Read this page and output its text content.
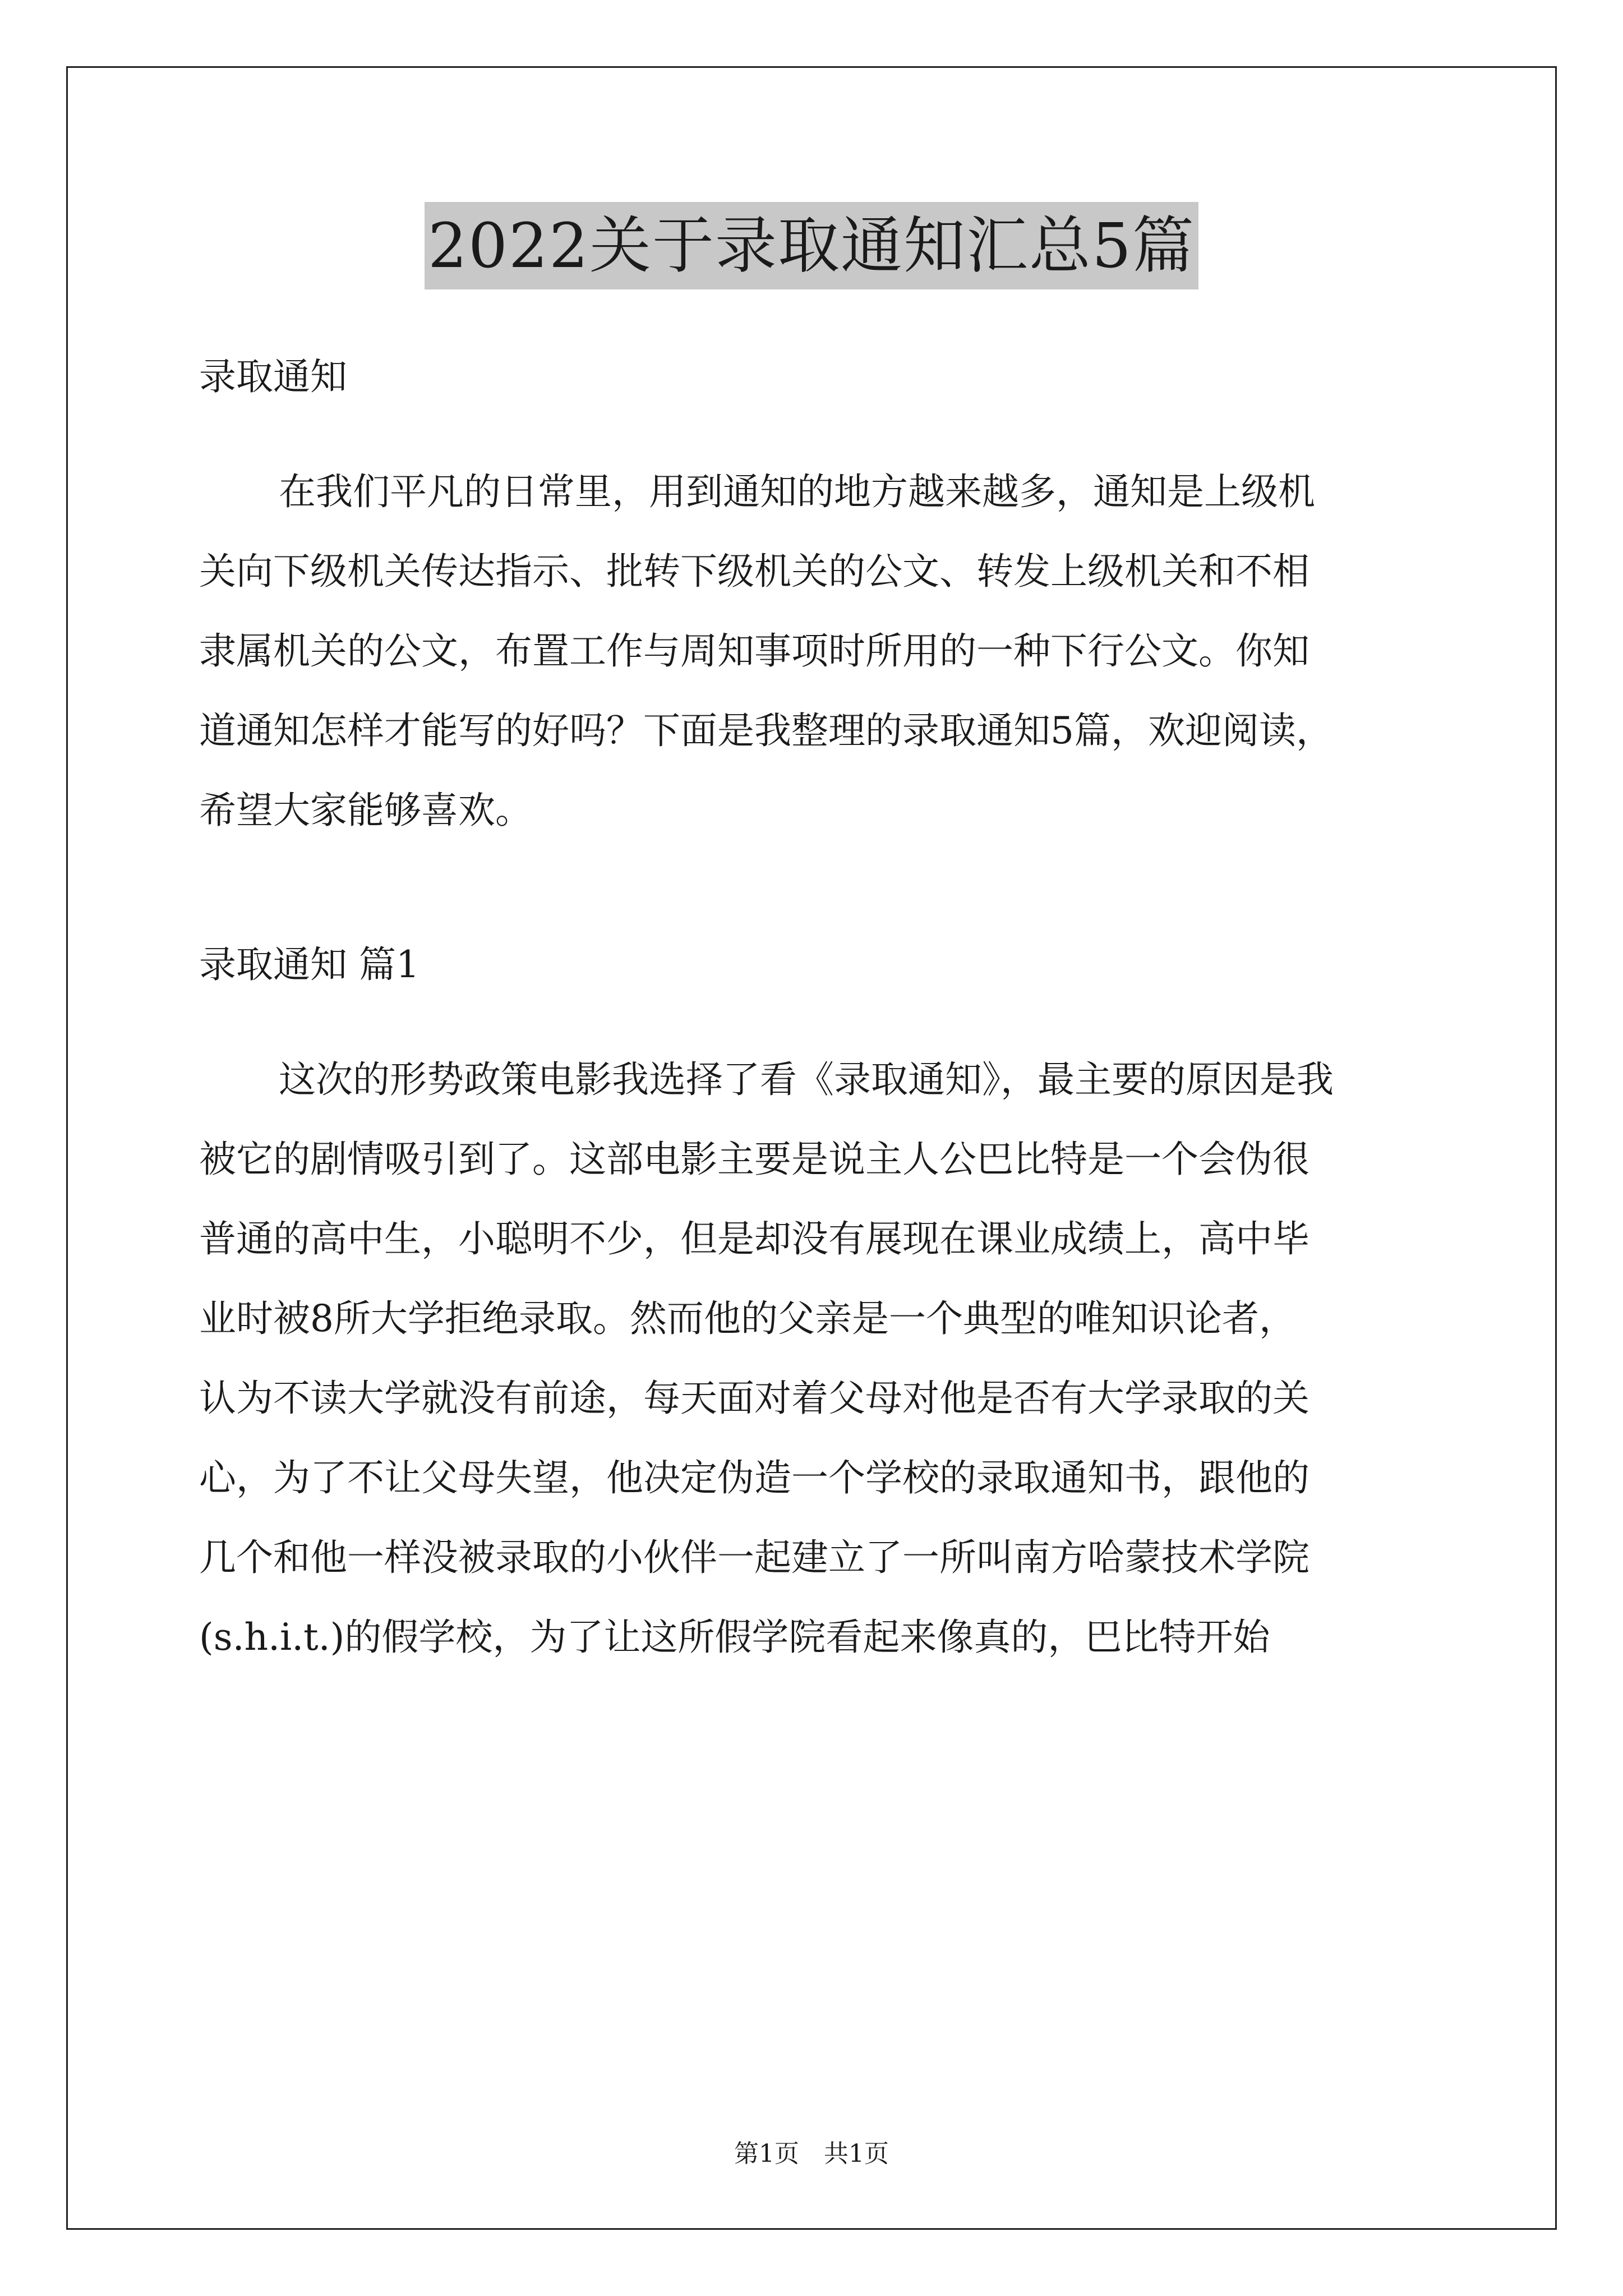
2022关于录取通知汇总5篇

录取通知

在我们平凡的日常里，用到通知的地方越来越多，通知是上级机
关向下级机关传达指示、批转下级机关的公文、转发上级机关和不相
隶属机关的公文，布置工作与周知事项时所用的一种下行公文。你知
道通知怎样才能写的好吗？下面是我整理的录取通知5篇，欢迎阅读，
希望大家能够喜欢。

录取通知 篇1

这次的形势政策电影我选择了看《录取通知》，最主要的原因是我
被它的剧情吸引到了。这部电影主要是说主人公巴比特是一个会伪很
普通的高中生，小聪明不少，但是却没有展现在课业成绩上，高中毕
业时被8所大学拒绝录取。然而他的父亲是一个典型的唯知识论者，
认为不读大学就没有前途，每天面对着父母对他是否有大学录取的关
心，为了不让父母失望，他决定伪造一个学校的录取通知书，跟他的
几个和他一样没被录取的小伙伴一起建立了一所叫南方哈蒙技术学院
(s.h.i.t.)的假学校，为了让这所假学院看起来像真的，巴比特开始
第1页　共1页
